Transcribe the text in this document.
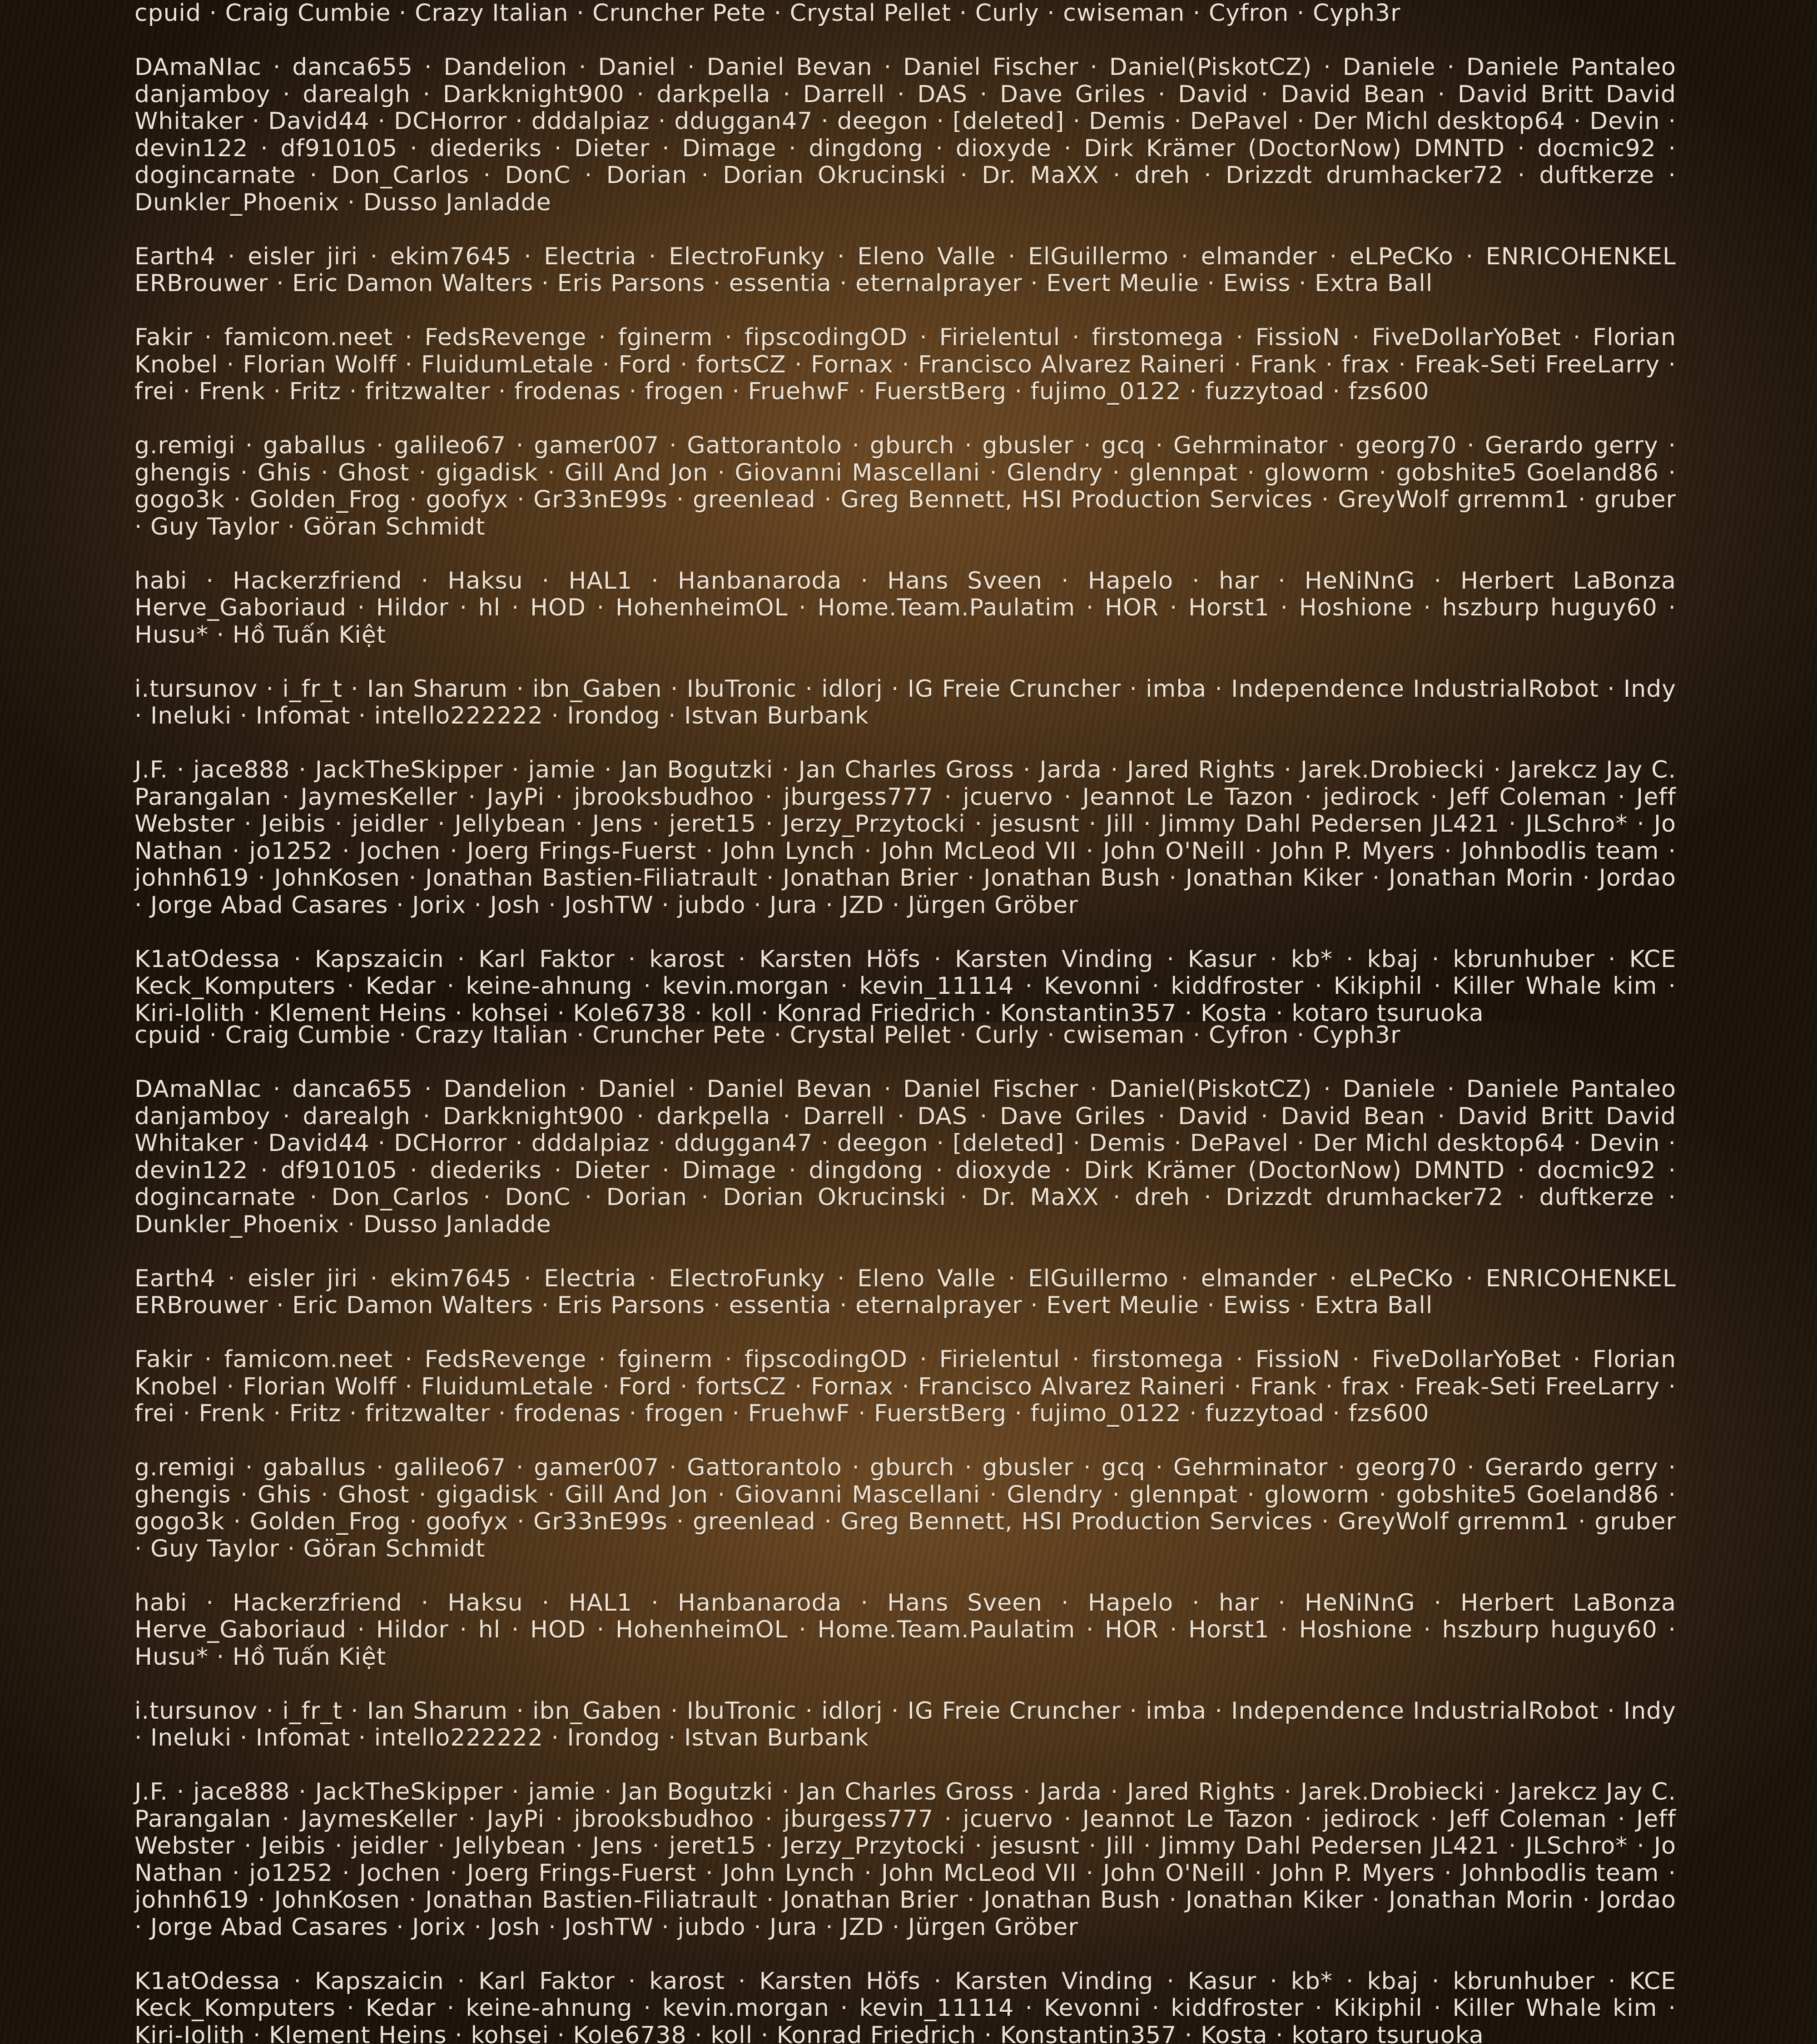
cpuid · Craig Cumbie · Crazy Italian · Cruncher Pete · Crystal Pellet · Curly · cwiseman · Cyfron · Cyph3r

DAmaNIac · danca655 · Dandelion · Daniel · Daniel Bevan · Daniel Fischer · Daniel(PiskotCZ) · Daniele · Daniele Pantaleo danjamboy · darealgh · Darkknight900 · darkpella · Darrell · DAS · Dave Griles · David · David Bean · David Britt David Whitaker · David44 · DCHorror · dddalpiaz · dduggan47 · deegon · [deleted] · Demis · DePavel · Der Michl desktop64 · Devin · devin122 · df910105 · diederiks · Dieter · Dimage · dingdong · dioxyde · Dirk Krämer (DoctorNow) DMNTD · docmic92 · dogincarnate · Don_Carlos · DonC · Dorian · Dorian Okrucinski · Dr. MaXX · dreh · Drizzdt drumhacker72 · duftkerze · Dunkler_Phoenix · Dusso Janladde

Earth4 · eisler jiri · ekim7645 · Electria · ElectroFunky · Eleno Valle · ElGuillermo · elmander · eLPeCKo · ENRICOHENKEL ERBrouwer · Eric Damon Walters · Eris Parsons · essentia · eternalprayer · Evert Meulie · Ewiss · Extra Ball

Fakir · famicom.neet · FedsRevenge · fginerm · fipscodingOD · Firielentul · firstomega · FissioN · FiveDollarYoBet · Florian Knobel · Florian Wolff · FluidumLetale · Ford · fortsCZ · Fornax · Francisco Alvarez Raineri · Frank · frax · Freak-Seti FreeLarry · frei · Frenk · Fritz · fritzwalter · frodenas · frogen · FruehwF · FuerstBerg · fujimo_0122 · fuzzytoad · fzs600

g.remigi · gaballus · galileo67 · gamer007 · Gattorantolo · gburch · gbusler · gcq · Gehrminator · georg70 · Gerardo gerry · ghengis · Ghis · Ghost · gigadisk · Gill And Jon · Giovanni Mascellani · Glendry · glennpat · gloworm · gobshite5 Goeland86 · gogo3k · Golden_Frog · goofyx · Gr33nE99s · greenlead · Greg Bennett, HSI Production Services · GreyWolf grremm1 · gruber · Guy Taylor · Göran Schmidt

habi · Hackerzfriend · Haksu · HAL1 · Hanbanaroda · Hans Sveen · Hapelo · har · HeNiNnG · Herbert LaBonza Herve_Gaboriaud · Hildor · hl · HOD · HohenheimOL · Home.Team.Paulatim · HOR · Horst1 · Hoshione · hszburp huguy60 · Husu* · Hồ Tuấn Kiệt

i.tursunov · i_fr_t · Ian Sharum · ibn_Gaben · IbuTronic · idlorj · IG Freie Cruncher · imba · Independence IndustrialRobot · Indy · Ineluki · Infomat · intello222222 · Irondog · Istvan Burbank

J.F. · jace888 · JackTheSkipper · jamie · Jan Bogutzki · Jan Charles Gross · Jarda · Jared Rights · Jarek.Drobiecki · Jarekcz Jay C. Parangalan · JaymesKeller · JayPi · jbrooksbudhoo · jburgess777 · jcuervo · Jeannot Le Tazon · jedirock · Jeff Coleman · Jeff Webster · Jeibis · jeidler · Jellybean · Jens · jeret15 · Jerzy_Przytocki · jesusnt · Jill · Jimmy Dahl Pedersen JL421 · JLSchro* · Jo Nathan · jo1252 · Jochen · Joerg Frings-Fuerst · John Lynch · John McLeod VII · John O'Neill · John P. Myers · Johnbodlis team · johnh619 · JohnKosen · Jonathan Bastien-Filiatrault · Jonathan Brier · Jonathan Bush · Jonathan Kiker · Jonathan Morin · Jordao · Jorge Abad Casares · Jorix · Josh · JoshTW · jubdo · Jura · JZD · Jürgen Gröber

K1atOdessa · Kapszaicin · Karl Faktor · karost · Karsten Höfs · Karsten Vinding · Kasur · kb* · kbaj · kbrunhuber · KCE Keck_Komputers · Kedar · keine-ahnung · kevin.morgan · kevin_11114 · Kevonni · kiddfroster · Kikiphil · Killer Whale kim · Kiri-Iolith · Klement Heins · kohsei · Kole6738 · koll · Konrad Friedrich · Konstantin357 · Kosta · kotaro tsuruoka

cpuid · Craig Cumbie · Crazy Italian · Cruncher Pete · Crystal Pellet · Curly · cwiseman · Cyfron · Cyph3r

DAmaNIac · danca655 · Dandelion · Daniel · Daniel Bevan · Daniel Fischer · Daniel(PiskotCZ) · Daniele · Daniele Pantaleo danjamboy · darealgh · Darkknight900 · darkpella · Darrell · DAS · Dave Griles · David · David Bean · David Britt David Whitaker · David44 · DCHorror · dddalpiaz · dduggan47 · deegon · [deleted] · Demis · DePavel · Der Michl desktop64 · Devin · devin122 · df910105 · diederiks · Dieter · Dimage · dingdong · dioxyde · Dirk Krämer (DoctorNow) DMNTD · docmic92 · dogincarnate · Don_Carlos · DonC · Dorian · Dorian Okrucinski · Dr. MaXX · dreh · Drizzdt drumhacker72 · duftkerze · Dunkler_Phoenix · Dusso Janladde

Earth4 · eisler jiri · ekim7645 · Electria · ElectroFunky · Eleno Valle · ElGuillermo · elmander · eLPeCKo · ENRICOHENKEL ERBrouwer · Eric Damon Walters · Eris Parsons · essentia · eternalprayer · Evert Meulie · Ewiss · Extra Ball

Fakir · famicom.neet · FedsRevenge · fginerm · fipscodingOD · Firielentul · firstomega · FissioN · FiveDollarYoBet · Florian Knobel · Florian Wolff · FluidumLetale · Ford · fortsCZ · Fornax · Francisco Alvarez Raineri · Frank · frax · Freak-Seti FreeLarry · frei · Frenk · Fritz · fritzwalter · frodenas · frogen · FruehwF · FuerstBerg · fujimo_0122 · fuzzytoad · fzs600

g.remigi · gaballus · galileo67 · gamer007 · Gattorantolo · gburch · gbusler · gcq · Gehrminator · georg70 · Gerardo gerry · ghengis · Ghis · Ghost · gigadisk · Gill And Jon · Giovanni Mascellani · Glendry · glennpat · gloworm · gobshite5 Goeland86 · gogo3k · Golden_Frog · goofyx · Gr33nE99s · greenlead · Greg Bennett, HSI Production Services · GreyWolf grremm1 · gruber · Guy Taylor · Göran Schmidt

habi · Hackerzfriend · Haksu · HAL1 · Hanbanaroda · Hans Sveen · Hapelo · har · HeNiNnG · Herbert LaBonza Herve_Gaboriaud · Hildor · hl · HOD · HohenheimOL · Home.Team.Paulatim · HOR · Horst1 · Hoshione · hszburp huguy60 · Husu* · Hồ Tuấn Kiệt

i.tursunov · i_fr_t · Ian Sharum · ibn_Gaben · IbuTronic · idlorj · IG Freie Cruncher · imba · Independence IndustrialRobot · Indy · Ineluki · Infomat · intello222222 · Irondog · Istvan Burbank

J.F. · jace888 · JackTheSkipper · jamie · Jan Bogutzki · Jan Charles Gross · Jarda · Jared Rights · Jarek.Drobiecki · Jarekcz Jay C. Parangalan · JaymesKeller · JayPi · jbrooksbudhoo · jburgess777 · jcuervo · Jeannot Le Tazon · jedirock · Jeff Coleman · Jeff Webster · Jeibis · jeidler · Jellybean · Jens · jeret15 · Jerzy_Przytocki · jesusnt · Jill · Jimmy Dahl Pedersen JL421 · JLSchro* · Jo Nathan · jo1252 · Jochen · Joerg Frings-Fuerst · John Lynch · John McLeod VII · John O'Neill · John P. Myers · Johnbodlis team · johnh619 · JohnKosen · Jonathan Bastien-Filiatrault · Jonathan Brier · Jonathan Bush · Jonathan Kiker · Jonathan Morin · Jordao · Jorge Abad Casares · Jorix · Josh · JoshTW · jubdo · Jura · JZD · Jürgen Gröber

K1atOdessa · Kapszaicin · Karl Faktor · karost · Karsten Höfs · Karsten Vinding · Kasur · kb* · kbaj · kbrunhuber · KCE Keck_Komputers · Kedar · keine-ahnung · kevin.morgan · kevin_11114 · Kevonni · kiddfroster · Kikiphil · Killer Whale kim · Kiri-Iolith · Klement Heins · kohsei · Kole6738 · koll · Konrad Friedrich · Konstantin357 · Kosta · kotaro tsuruoka
